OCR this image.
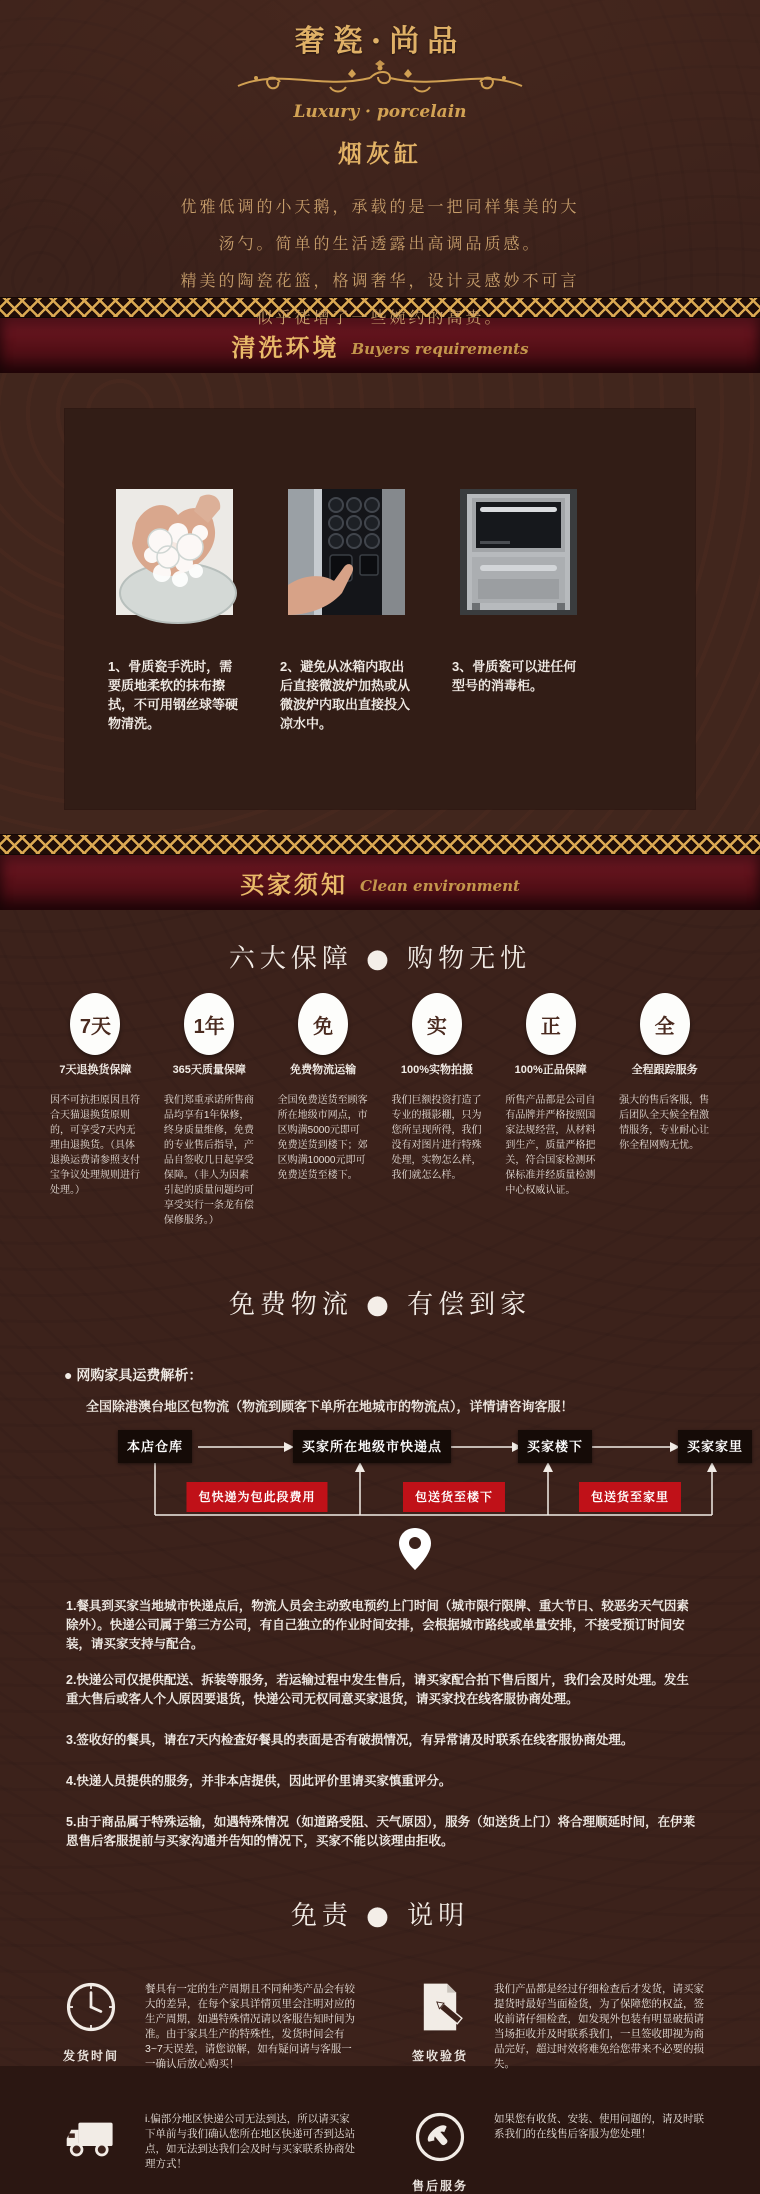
奢瓷·尚品
Luxury · porcelain
烟灰缸

优雅低调的小天鹅，承载的是一把同样集美的大

汤勺。简单的生活透露出高调品质感。

精美的陶瓷花篮，格调奢华，设计灵感妙不可言

似乎徒增了一些婉约的高贵。

清洗环境 Buyers requirements
1、骨质瓷手洗时，需要质地柔软的抹布擦拭，不可用钢丝球等硬物清洗。
2、避免从冰箱内取出后直接微波炉加热或从微波炉内取出直接投入凉水中。
3、骨质瓷可以进任何型号的消毒柜。
买家须知 Clean environment
六大保障 ● 购物无忧
7天
7天退换货保障
因不可抗拒原因且符合天猫退换货原则的，可享受7天内无理由退换货。（具体退换运费请参照支付宝争议处理规则进行处理。）
1年
365天质量保障
我们郑重承诺所售商品均享有1年保修，终身质量维修，免费的专业售后指导，产品自签收几日起享受保障。（非人为因素引起的质量问题均可享受实行一条龙有偿保修服务。）
免
免费物流运输
全国免费送货至顾客所在地级市网点，市区购满5000元即可免费送货到楼下；郊区购满10000元即可免费送货至楼下。
实
100%实物拍摄
我们巨额投资打造了专业的摄影棚，只为您所呈现所得，我们没有对图片进行特殊处理，实物怎么样，我们就怎么样。
正
100%正品保障
所售产品都是公司自有品牌并严格按照国家法规经营，从材料到生产，质量严格把关，符合国家检测环保标准并经质量检测中心权威认证。
全
全程跟踪服务
强大的售后客服，售后团队全天候全程激情服务，专业耐心让你全程网购无忧。
免费物流 ● 有偿到家
● 网购家具运费解析：
全国除港澳台地区包物流（物流到顾客下单所在地城市的物流点），详情请咨询客服！
本店仓库	买家所在地级市快递点	买家楼下	买家家里
包快递为包此段费用	包送货至楼下	包送货至家里

1.餐具到买家当地城市快递点后，物流人员会主动致电预约上门时间（城市限行限牌、重大节日、较恶劣天气因素除外）。快递公司属于第三方公司，有自己独立的作业时间安排，会根据城市路线或单量安排，不接受预订时间安装，请买家支持与配合。

2.快递公司仅提供配送、拆装等服务，若运输过程中发生售后，请买家配合拍下售后图片，我们会及时处理。发生重大售后或客人个人原因要退货，快递公司无权同意买家退货，请买家找在线客服协商处理。

3.签收好的餐具，请在7天内检查好餐具的表面是否有破损情况，有异常请及时联系在线客服协商处理。

4.快递人员提供的服务，并非本店提供，因此评价里请买家慎重评分。

5.由于商品属于特殊运输，如遇特殊情况（如道路受阻、天气原因），服务（如送货上门）将合理顺延时间，在伊莱恩售后客服提前与买家沟通并告知的情况下，买家不能以该理由拒收。

免责 ● 说明
发货时间
餐具有一定的生产周期且不同种类产品会有较大的差异，在每个家具详情页里会注明对应的生产周期，如遇特殊情况请以客服告知时间为准。由于家具生产的特殊性，发货时间会有3~7天误差，请您谅解，如有疑问请与客服一一确认后放心购买！
签收验货
我们产品都是经过仔细检查后才发货，请买家提货时最好当面检货，为了保障您的权益，签收前请仔细检查，如发现外包装有明显破损请当场拒收并及时联系我们，一旦签收即视为商品完好，超过时效将难免给您带来不必要的损失。
i.偏部分地区快递公司无法到达，所以请买家下单前与我们确认您所在地区快递可否到达站点，如无法到达我们会及时与买家联系协商处理方式！
售后服务
如果您有收货、安装、使用问题的，请及时联系我们的在线售后客服为您处理！
